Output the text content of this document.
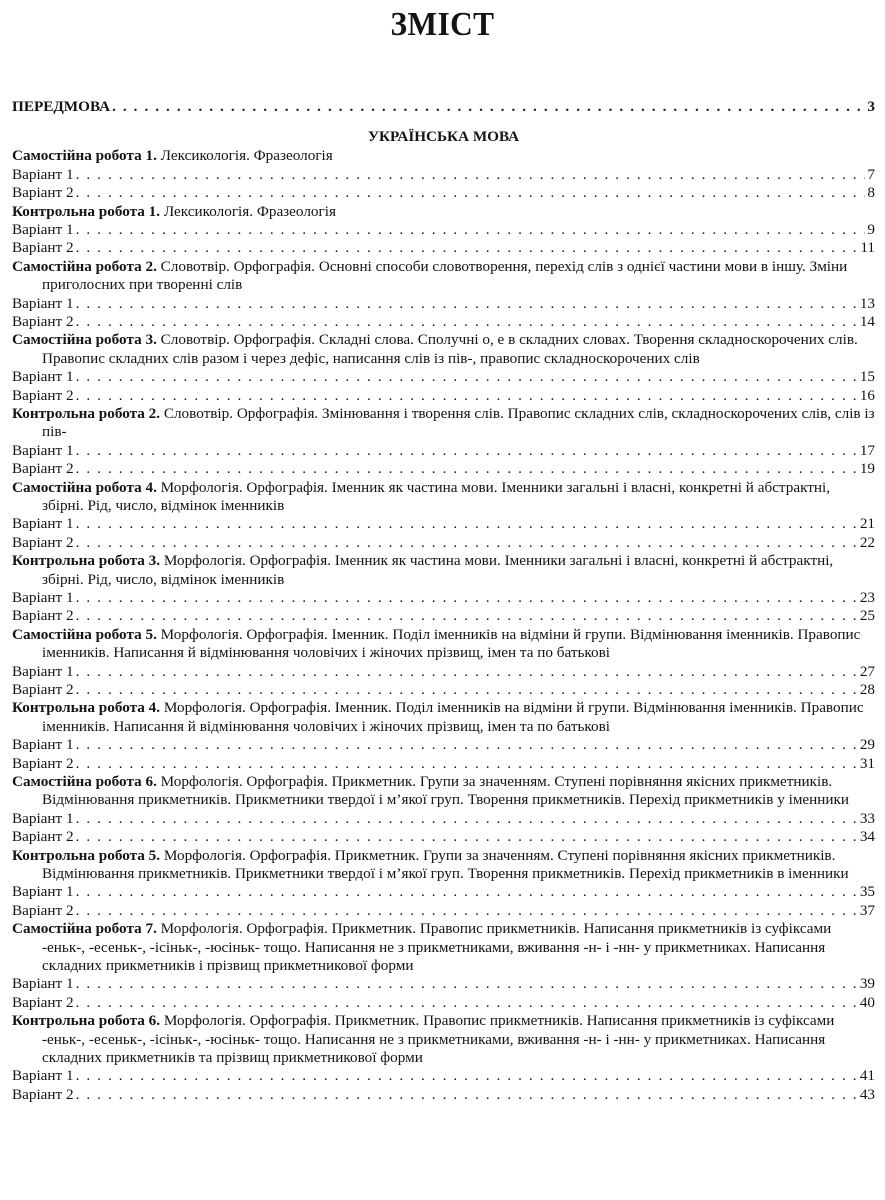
ЗМІСТ
ПЕРЕДМОВА . . .	3
УКРАЇНСЬКА МОВА
Самостійна робота 1. Лексикологія. Фразеологія
Варіант 1 . . .	7
Варіант 2 . . .	8
Контрольна робота 1. Лексикологія. Фразеологія
Варіант 1 . . .	9
Варіант 2 . . .	11
Самостійна робота 2. Словотвір. Орфографія. Основні способи словотворення, перехід слів з однієї частини мови в іншу. Зміни приголосних при творенні слів
Варіант 1 . . .	13
Варіант 2 . . .	14
Самостійна робота 3. Словотвір. Орфографія. Складні слова. Сполучні о, е в складних словах. Творення складноскорочених слів. Правопис складних слів разом і через дефіс, написання слів із пів-, правопис складноскорочених слів
Варіант 1 . . .	15
Варіант 2 . . .	16
Контрольна робота 2. Словотвір. Орфографія. Змінювання і творення слів. Правопис складних слів, складноскорочених слів, слів із пів-
Варіант 1 . . .	17
Варіант 2 . . .	19
Самостійна робота 4. Морфологія. Орфографія. Іменник як частина мови. Іменники загальні і власні, конкретні й абстрактні, збірні. Рід, число, відмінок іменників
Варіант 1 . . .	21
Варіант 2 . . .	22
Контрольна робота 3. Морфологія. Орфографія. Іменник як частина мови. Іменники загальні і власні, конкретні й абстрактні, збірні. Рід, число, відмінок іменників
Варіант 1 . . .	23
Варіант 2 . . .	25
Самостійна робота 5. Морфологія. Орфографія. Іменник. Поділ іменників на відміни й групи. Відмінювання іменників. Правопис іменників. Написання й відмінювання чоловічих і жіночих прізвищ, імен та по батькові
Варіант 1 . . .	27
Варіант 2 . . .	28
Контрольна робота 4. Морфологія. Орфографія. Іменник. Поділ іменників на відміни й групи. Відмінювання іменників. Правопис іменників. Написання й відмінювання чоловічих і жіночих прізвищ, імен та по батькові
Варіант 1 . . .	29
Варіант 2 . . .	31
Самостійна робота 6. Морфологія. Орфографія. Прикметник. Групи за значенням. Ступені порівняння якісних прикметників. Відмінювання прикметників. Прикметники твердої і м’якої груп. Творення прикметників. Перехід прикметників у іменники
Варіант 1 . . .	33
Варіант 2 . . .	34
Контрольна робота 5. Морфологія. Орфографія. Прикметник. Групи за значенням. Ступені порівняння якісних прикметників. Відмінювання прикметників. Прикметники твердої і м’якої груп. Творення прикметників. Перехід прикметників в іменники
Варіант 1 . . .	35
Варіант 2 . . .	37
Самостійна робота 7. Морфологія. Орфографія. Прикметник. Правопис прикметників. Написання прикметників із суфіксами -еньк-, -есеньк-, -ісіньк-, -юсіньк- тощо. Написання не з прикметниками, вживання -н- і -нн- у прикметниках. Написання складних прикметників і прізвищ прикметникової форми
Варіант 1 . . .	39
Варіант 2 . . .	40
Контрольна робота 6. Морфологія. Орфографія. Прикметник. Правопис прикметників. Написання прикметників із суфіксами -еньк-, -есеньк-, -ісіньк-, -юсіньк- тощо. Написання не з прикметниками, вживання -н- і -нн- у прикметниках. Написання складних прикметників та прізвищ прикметникової форми
Варіант 1 . . .	41
Варіант 2 . . .	43
